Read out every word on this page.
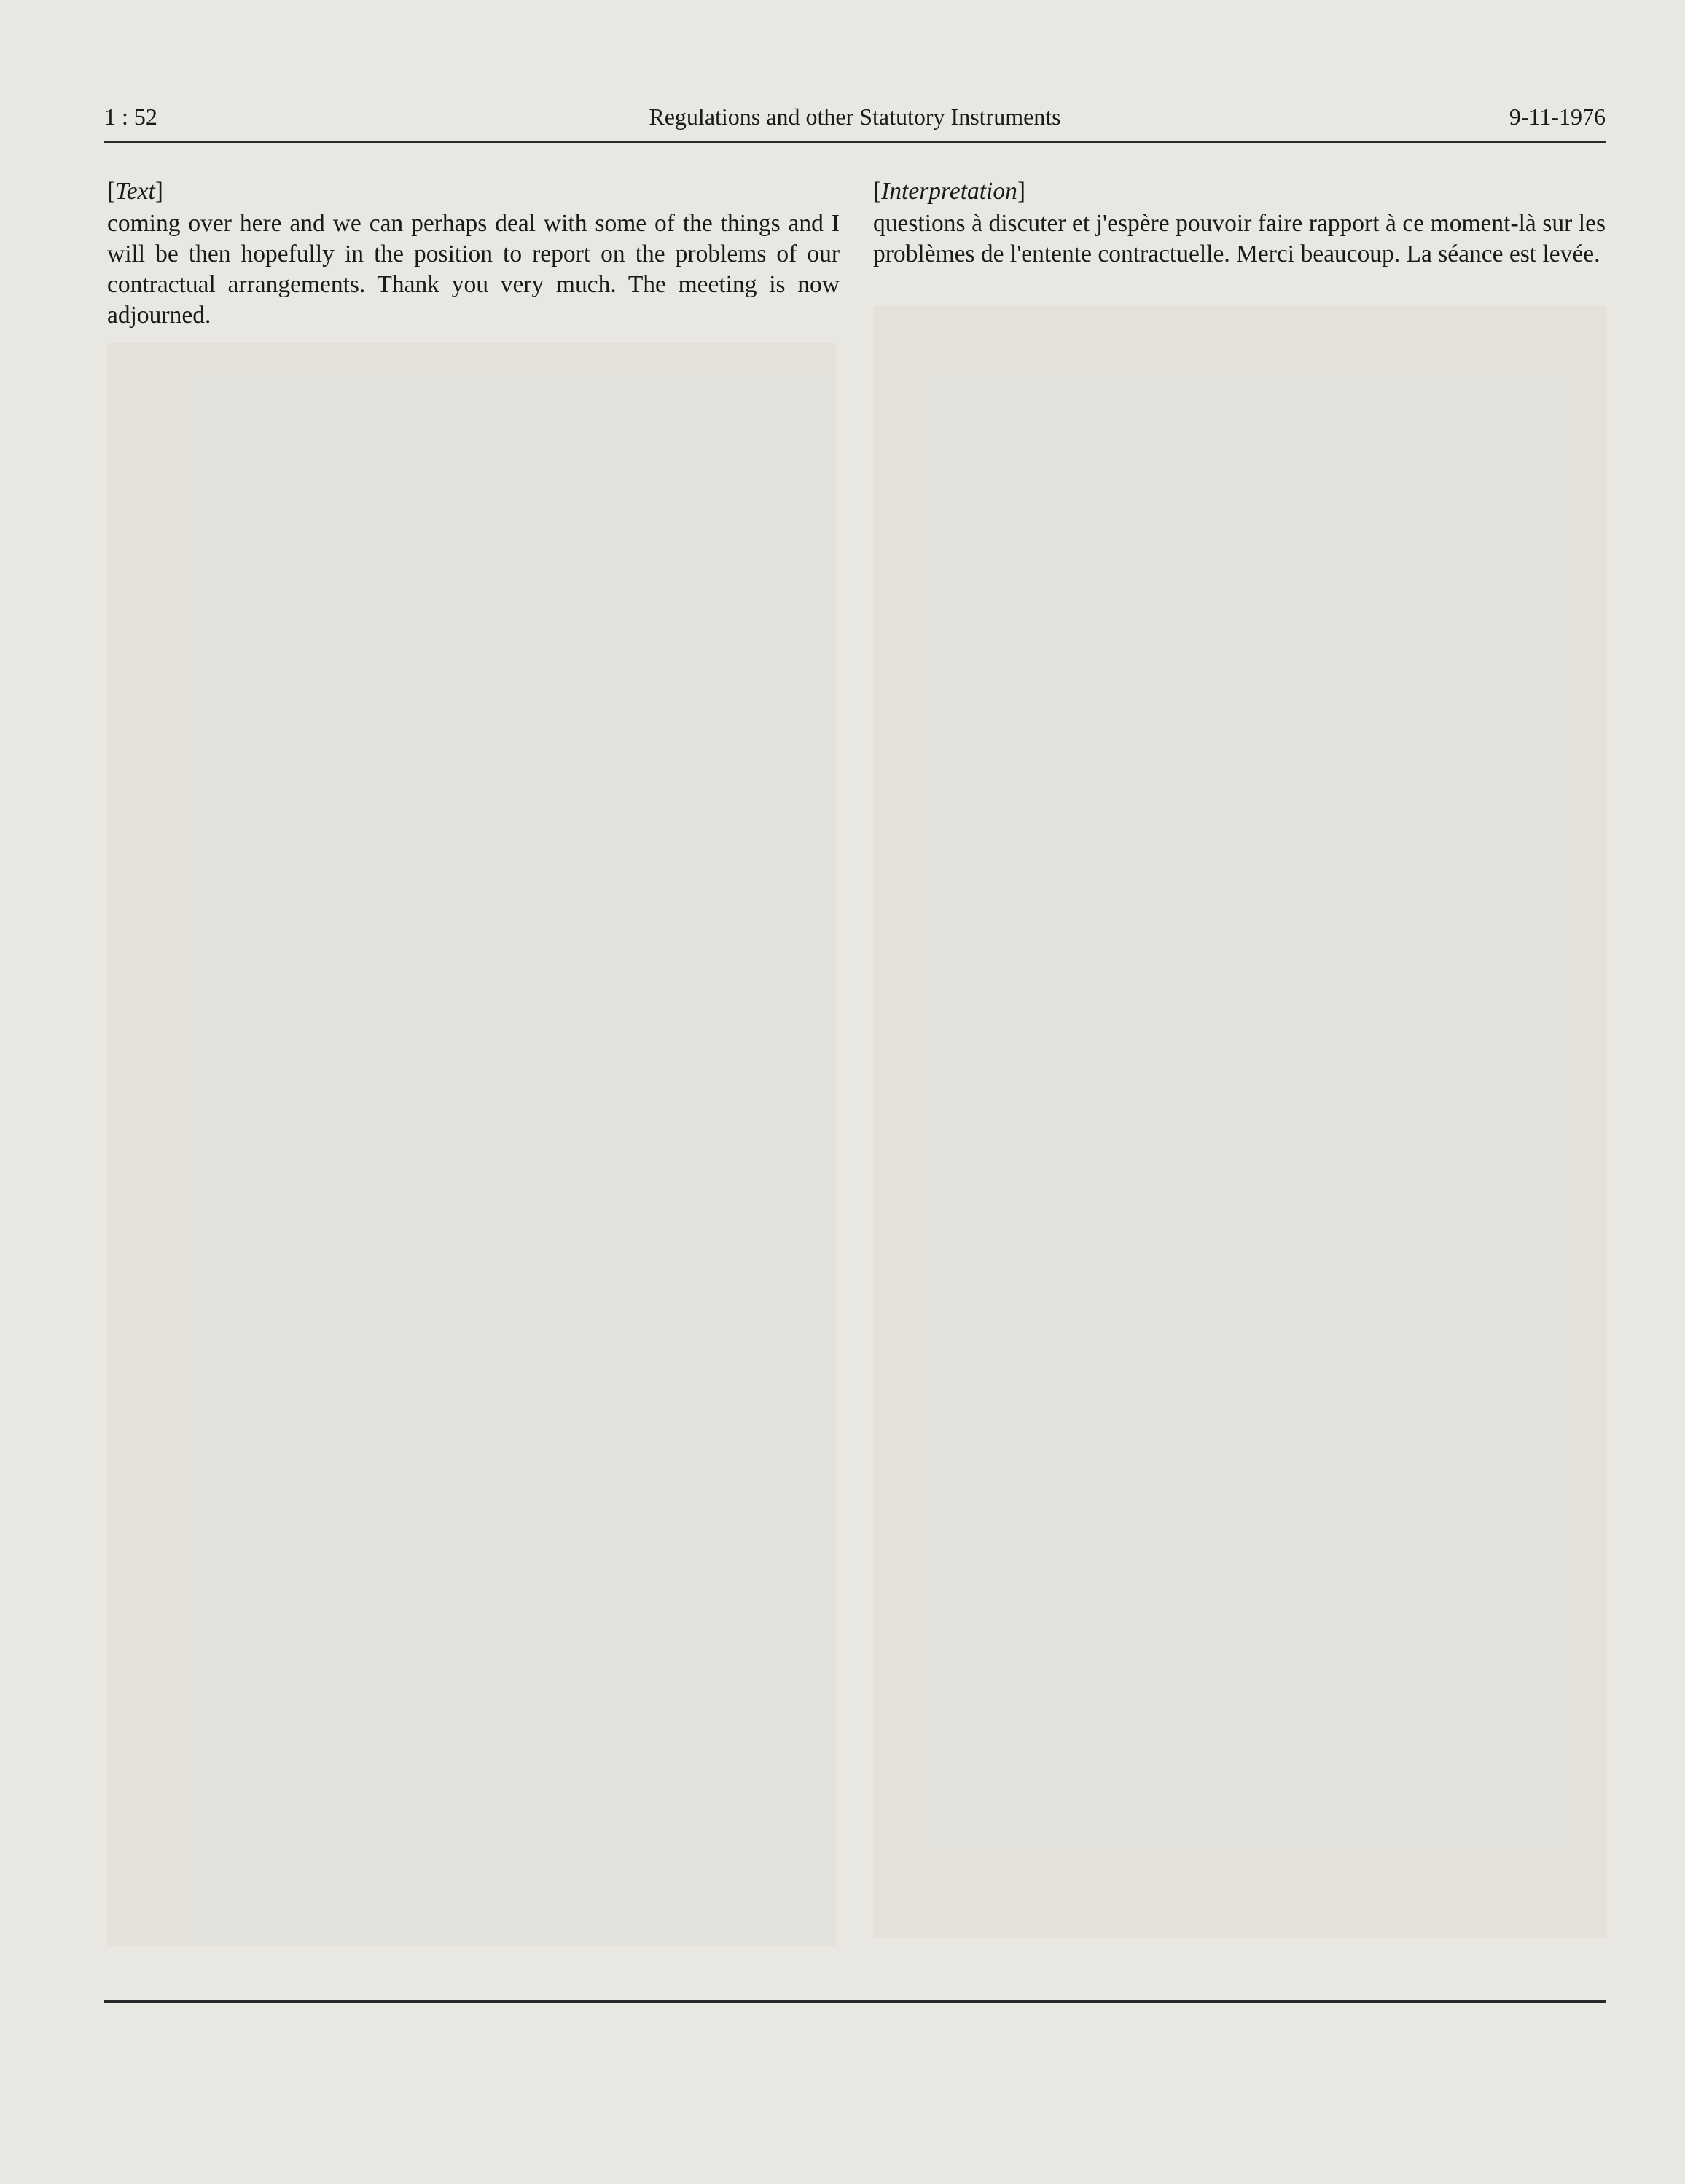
1 : 52	Regulations and other Statutory Instruments	9-11-1976
[Text]
coming over here and we can perhaps deal with some of the things and I will be then hopefully in the position to report on the problems of our contractual arrangements. Thank you very much. The meeting is now adjourned.
[Interpretation]
questions à discuter et j'espère pouvoir faire rapport à ce moment-là sur les problèmes de l'entente contractuelle. Merci beaucoup. La séance est levée.
